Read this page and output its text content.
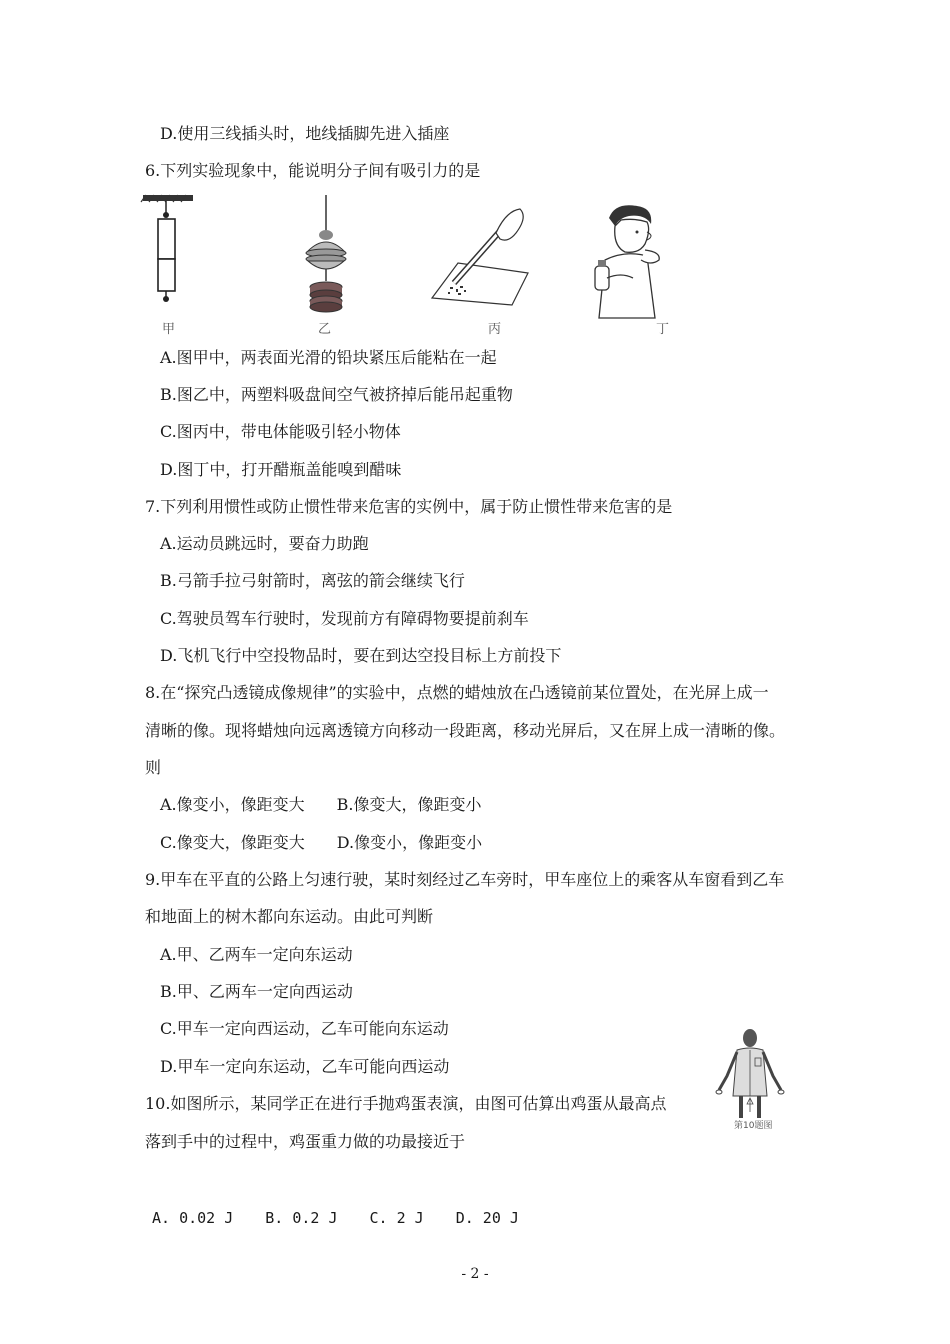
D.使用三线插头时，地线插脚先进入插座
6.下列实验现象中，能说明分子间有吸引力的是
甲	乙	丙	丁
A.图甲中，两表面光滑的铅块紧压后能粘在一起
B.图乙中，两塑料吸盘间空气被挤掉后能吊起重物
C.图丙中，带电体能吸引轻小物体
D.图丁中，打开醋瓶盖能嗅到醋味
7.下列利用惯性或防止惯性带来危害的实例中，属于防止惯性带来危害的是
A.运动员跳远时，要奋力助跑
B.弓箭手拉弓射箭时，离弦的箭会继续飞行
C.驾驶员驾车行驶时，发现前方有障碍物要提前刹车
D.飞机飞行中空投物品时，要在到达空投目标上方前投下
8.在“探究凸透镜成像规律”的实验中，点燃的蜡烛放在凸透镜前某位置处，在光屏上成一
清晰的像。现将蜡烛向远离透镜方向移动一段距离，移动光屏后，又在屏上成一清晰的像。
则
A.像变小，像距变大 B.像变大，像距变小
C.像变大，像距变大 D.像变小，像距变小
9.甲车在平直的公路上匀速行驶，某时刻经过乙车旁时，甲车座位上的乘客从车窗看到乙车
和地面上的树木都向东运动。由此可判断
A.甲、乙两车一定向东运动
B.甲、乙两车一定向西运动
C.甲车一定向西运动，乙车可能向东运动
D.甲车一定向东运动，乙车可能向西运动
第10题图
10.如图所示，某同学正在进行手抛鸡蛋表演，由图可估算出鸡蛋从最高点
落到手中的过程中，鸡蛋重力做的功最接近于
A. 0.02 J B. 0.2 J C. 2 J D. 20 J
- 2 -
